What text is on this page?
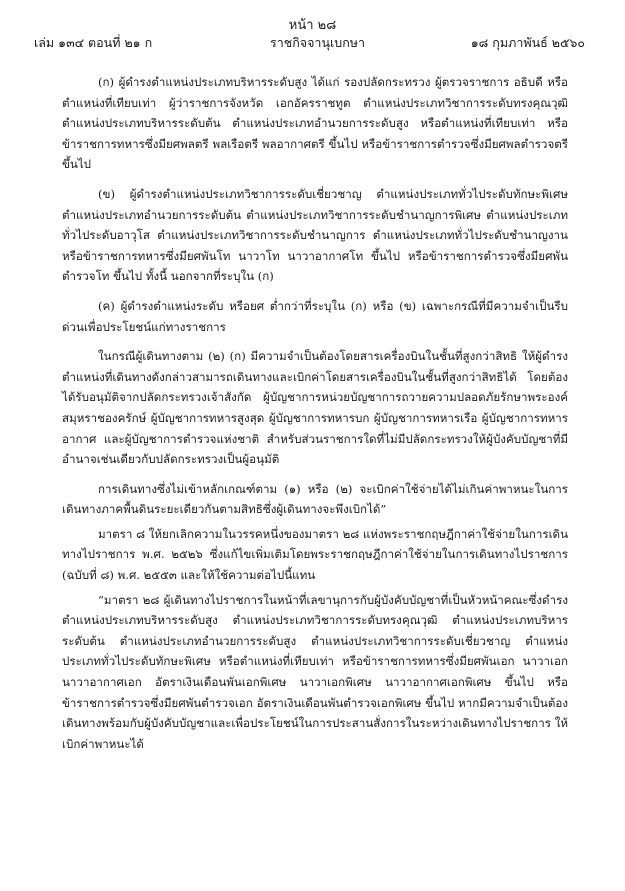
หน้า ๒๘
เล่ม ๑๓๔ ตอนที่ ๒๑ ก	ราชกิจจานุเบกษา	๑๘ กุมภาพันธ์ ๒๕๖๐

(ก) ผู้ดำรงตำแหน่งประเภทบริหารระดับสูง ได้แก่ รองปลัดกระทรวง ผู้ตรวจราชการ อธิบดี หรือตำแหน่งที่เทียบเท่า ผู้ว่าราชการจังหวัด เอกอัครราชทูต ตำแหน่งประเภทวิชาการระดับทรงคุณวุฒิ ตำแหน่งประเภทบริหารระดับต้น ตำแหน่งประเภทอำนวยการระดับสูง หรือตำแหน่งที่เทียบเท่า หรือข้าราชการทหารซึ่งมียศพลตรี พลเรือตรี พลอากาศตรี ขึ้นไป หรือข้าราชการตำรวจซึ่งมียศพลตำรวจตรีขึ้นไป

(ข) ผู้ดำรงตำแหน่งประเภทวิชาการระดับเชี่ยวชาญ ตำแหน่งประเภททั่วไประดับทักษะพิเศษ ตำแหน่งประเภทอำนวยการระดับต้น ตำแหน่งประเภทวิชาการระดับชำนาญการพิเศษ ตำแหน่งประเภททั่วไประดับอาวุโส ตำแหน่งประเภทวิชาการระดับชำนาญการ ตำแหน่งประเภททั่วไประดับชำนาญงาน หรือข้าราชการทหารซึ่งมียศพันโท นาวาโท นาวาอากาศโท ขึ้นไป หรือข้าราชการตำรวจซึ่งมียศพันตำรวจโท ขึ้นไป ทั้งนี้ นอกจากที่ระบุใน (ก)

(ค) ผู้ดำรงตำแหน่งระดับ หรือยศ ต่ำกว่าที่ระบุใน (ก) หรือ (ข) เฉพาะกรณีที่มีความจำเป็นรีบด่วนเพื่อประโยชน์แก่ทางราชการ

ในกรณีผู้เดินทางตาม (๒) (ก) มีความจำเป็นต้องโดยสารเครื่องบินในชั้นที่สูงกว่าสิทธิ ให้ผู้ดำรงตำแหน่งที่เดินทางดังกล่าวสามารถเดินทางและเบิกค่าโดยสารเครื่องบินในชั้นที่สูงกว่าสิทธิได้ โดยต้องได้รับอนุมัติจากปลัดกระทรวงเจ้าสังกัด ผู้บัญชาการหน่วยบัญชาการถวายความปลอดภัยรักษาพระองค์ สมุหราชองครักษ์ ผู้บัญชาการทหารสูงสุด ผู้บัญชาการทหารบก ผู้บัญชาการทหารเรือ ผู้บัญชาการทหารอากาศ และผู้บัญชาการตำรวจแห่งชาติ สำหรับส่วนราชการใดที่ไม่มีปลัดกระทรวงให้ผู้บังคับบัญชาที่มีอำนาจเช่นเดียวกับปลัดกระทรวงเป็นผู้อนุมัติ

การเดินทางซึ่งไม่เข้าหลักเกณฑ์ตาม (๑) หรือ (๒) จะเบิกค่าใช้จ่ายได้ไม่เกินค่าพาหนะในการเดินทางภาคพื้นดินระยะเดียวกันตามสิทธิซึ่งผู้เดินทางจะพึงเบิกได้”

มาตรา ๘ ให้ยกเลิกความในวรรคหนึ่งของมาตรา ๒๘ แห่งพระราชกฤษฎีกาค่าใช้จ่ายในการเดินทางไปราชการ พ.ศ. ๒๕๒๖ ซึ่งแก้ไขเพิ่มเติมโดยพระราชกฤษฎีกาค่าใช้จ่ายในการเดินทางไปราชการ (ฉบับที่ ๘) พ.ศ. ๒๕๕๓ และให้ใช้ความต่อไปนี้แทน

“มาตรา ๒๘ ผู้เดินทางไปราชการในหน้าที่เลขานุการกับผู้บังคับบัญชาที่เป็นหัวหน้าคณะซึ่งดำรงตำแหน่งประเภทบริหารระดับสูง ตำแหน่งประเภทวิชาการระดับทรงคุณวุฒิ ตำแหน่งประเภทบริหารระดับต้น ตำแหน่งประเภทอำนวยการระดับสูง ตำแหน่งประเภทวิชาการระดับเชี่ยวชาญ ตำแหน่งประเภททั่วไประดับทักษะพิเศษ หรือตำแหน่งที่เทียบเท่า หรือข้าราชการทหารซึ่งมียศพันเอก นาวาเอก นาวาอากาศเอก อัตราเงินเดือนพันเอกพิเศษ นาวาเอกพิเศษ นาวาอากาศเอกพิเศษ ขึ้นไป หรือข้าราชการตำรวจซึ่งมียศพันตำรวจเอก อัตราเงินเดือนพันตำรวจเอกพิเศษ ขึ้นไป หากมีความจำเป็นต้องเดินทางพร้อมกับผู้บังคับบัญชาและเพื่อประโยชน์ในการประสานสั่งการในระหว่างเดินทางไปราชการ ให้เบิกค่าพาหนะได้
